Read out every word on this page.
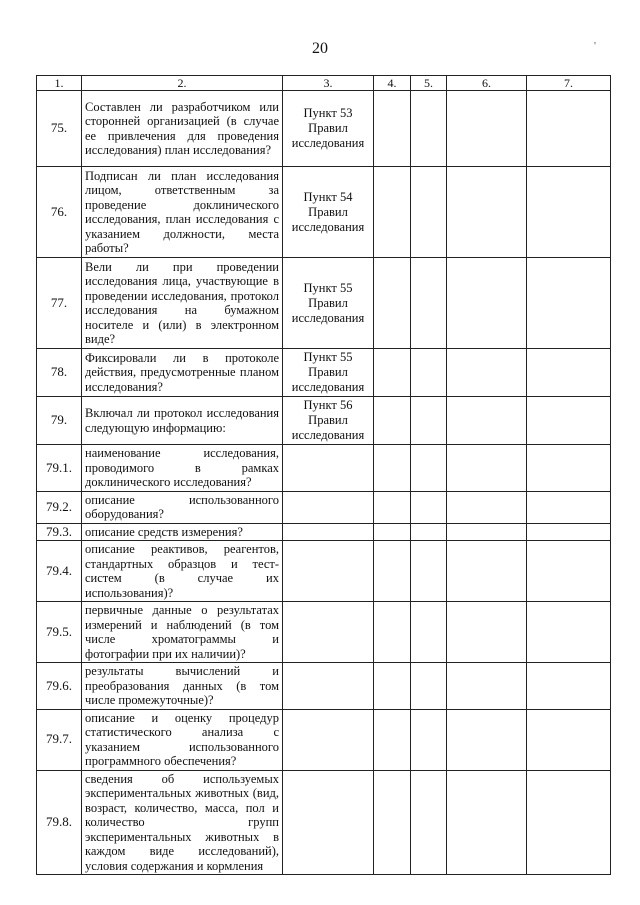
20	'
1.	2.	3.	4.	5.	6.	7.
75.	Составлен ли разработчиком или сторонней организацией (в случае ее привлечения для проведения исследования) план исследования?	Пункт 53
Правил
исследования				

76.	Подписан ли план исследования лицом, ответственным за проведение доклинического исследования, план исследования с указанием должности, места работы?	Пункт 54
Правил
исследования				

77.	Вели ли при проведении исследования лица, участвующие в проведении исследования, протокол исследования на бумажном носителе и (или) в электронном виде?	Пункт 55
Правил
исследования				

78.	Фиксировали ли в протоколе действия, предусмотренные планом исследования?	Пункт 55
Правил
исследования				

79.	Включал ли протокол исследования следующую информацию:	Пункт 56
Правил
исследования				

79.1.	наименование исследования, проводимого в рамках доклинического исследования?					
79.2.	описание использованного оборудования?					
79.3.	описание средств измерения?					
79.4.	описание реактивов, реагентов, стандартных образцов и тест-систем (в случае их использования)?					
79.5.	первичные данные о результатах измерений и наблюдений (в том числе хроматограммы и фотографии при их наличии)?					
79.6.	результаты вычислений и преобразования данных (в том числе промежуточные)?					
79.7.	описание и оценку процедур статистического анализа с указанием использованного программного обеспечения?					
79.8.	сведения об используемых экспериментальных животных (вид, возраст, количество, масса, пол и количество групп экспериментальных животных в каждом виде исследований), условия содержания и кормления					
